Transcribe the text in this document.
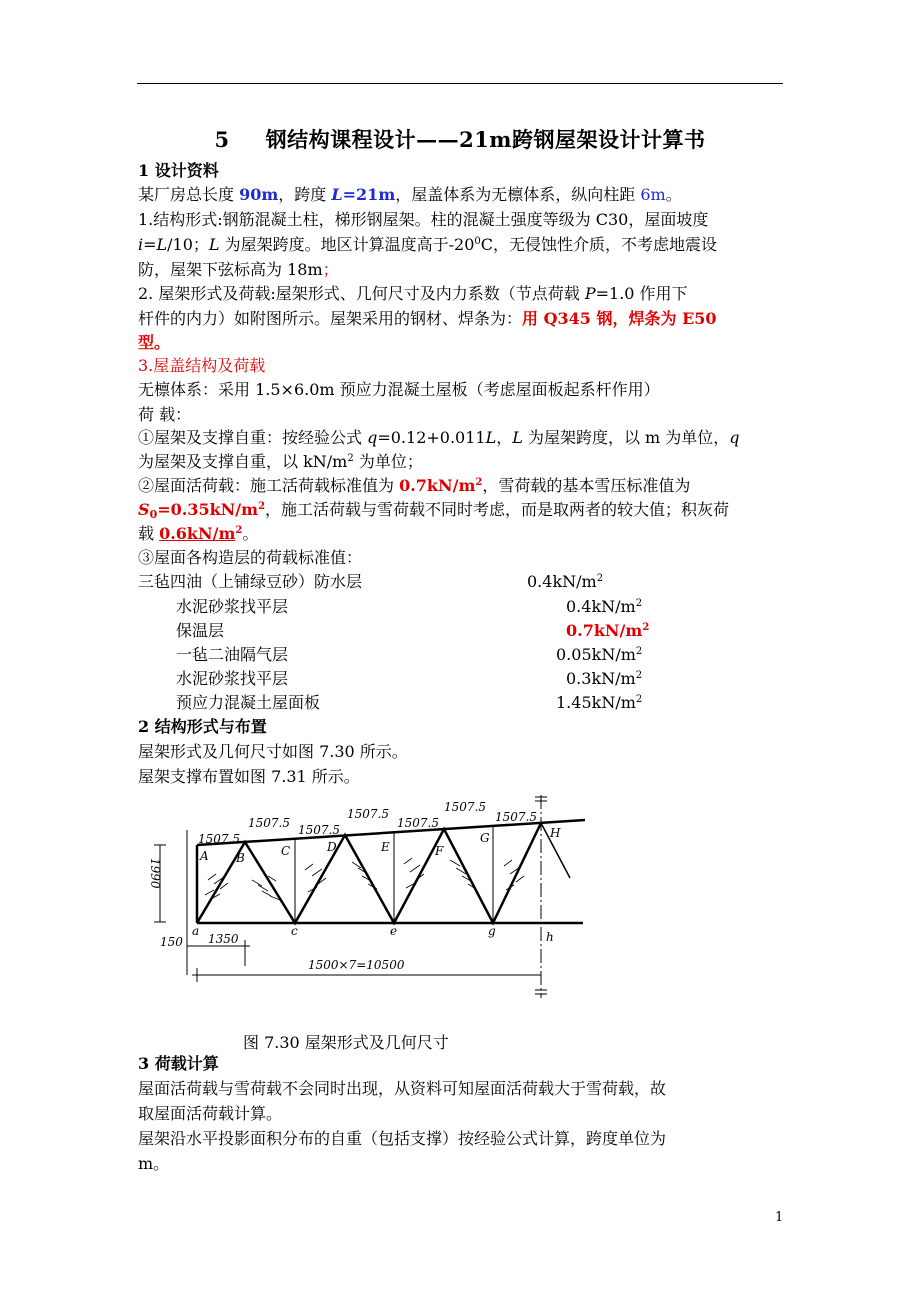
5 钢结构课程设计——21m跨钢屋架设计计算书
1 设计资料
某厂房总长度 90m，跨度 L=21m，屋盖体系为无檩体系，纵向柱距 6m。
1.结构形式:钢筋混凝土柱，梯形钢屋架。柱的混凝土强度等级为 C30，屋面坡度
i=L/10；L 为屋架跨度。地区计算温度高于$-20^0C$，无侵蚀性介质，不考虑地震设
防，屋架下弦标高为 18m；
2. 屋架形式及荷载:屋架形式、几何尺寸及内力系数（节点荷载 P=1.0 作用下
杆件的内力）如附图所示。屋架采用的钢材、焊条为：用 Q345 钢，焊条为 E50
型。
3.屋盖结构及荷载
无檩体系：采用 1.5×6.0m 预应力混凝土屋板（考虑屋面板起系杆作用）
荷 载：
①屋架及支撑自重：按经验公式 q=0.12+0.011L，L 为屋架跨度，以 m 为单位，q
为屋架及支撑自重，以 $kN/m^2$ 为单位；
②屋面活荷载：施工活荷载标准值为 $0.7kN/m^2$，雪荷载的基本雪压标准值为
$S_0=0.35kN/m^2$，施工活荷载与雪荷载不同时考虑，而是取两者的较大值；积灰荷
载 $0.6kN/m^2$。
③屋面各构造层的荷载标准值：
三毡四油（上铺绿豆砂）防水层	$0.4kN/m^2$
水泥砂浆找平层	$0.4kN/m^2$
保温层	$0.7kN/m^2$
一毡二油隔气层	$0.05kN/m^2$
水泥砂浆找平层	$0.3kN/m^2$
预应力混凝土屋面板	$1.45kN/m^2$
2 结构形式与布置
屋架形式及几何尺寸如图 7.30 所示。
屋架支撑布置如图 7.31 所示。
1507.5
1507.5 1507.5
1507.5
1507.5
1507.5
1507.5
A B	C	D	E	F
G	H
a	c	e	g	h
1990
150 1350
1500×7=10500
图 7.30 屋架形式及几何尺寸
3 荷载计算
屋面活荷载与雪荷载不会同时出现，从资料可知屋面活荷载大于雪荷载，故
取屋面活荷载计算。
屋架沿水平投影面积分布的自重（包括支撑）按经验公式计算，跨度单位为
m。
1
